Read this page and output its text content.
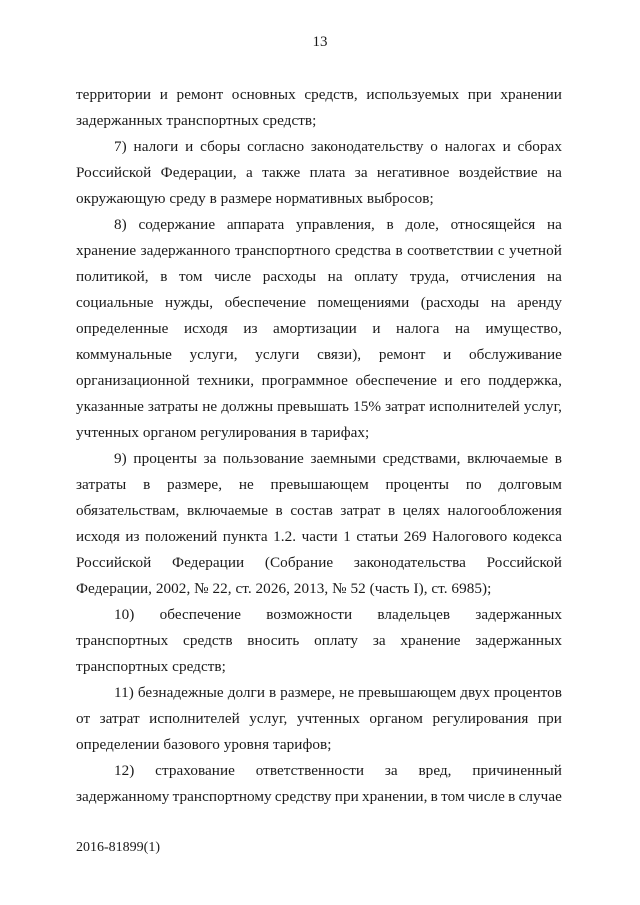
13
территории и ремонт основных средств, используемых при хранении
задержанных транспортных средств;
7) налоги и сборы согласно законодательству о налогах и сборах
Российской Федерации, а также плата за негативное воздействие на
окружающую среду в размере нормативных выбросов;
8) содержание аппарата управления, в доле, относящейся на
хранение задержанного транспортного средства в соответствии с учетной
политикой, в том числе расходы на оплату труда, отчисления на
социальные нужды, обеспечение помещениями (расходы на аренду
определенные исходя из амортизации и налога на имущество,
коммунальные услуги, услуги связи), ремонт и обслуживание
организационной техники, программное обеспечение и его поддержка,
указанные затраты не должны превышать 15% затрат исполнителей услуг,
учтенных органом регулирования в тарифах;
9) проценты за пользование заемными средствами, включаемые в
затраты в размере, не превышающем проценты по долговым
обязательствам, включаемые в состав затрат в целях налогообложения
исходя из положений пункта 1.2. части 1 статьи 269 Налогового кодекса
Российской Федерации (Собрание законодательства Российской
Федерации, 2002, № 22, ст. 2026, 2013, № 52 (часть I), ст. 6985);
10) обеспечение возможности владельцев задержанных
транспортных средств вносить оплату за хранение задержанных
транспортных средств;
11) безнадежные долги в размере, не превышающем двух процентов
от затрат исполнителей услуг, учтенных органом регулирования при
определении базового уровня тарифов;
12) страхование ответственности за вред, причиненный
задержанному транспортному средству при хранении, в том числе в случае
2016-81899(1)
